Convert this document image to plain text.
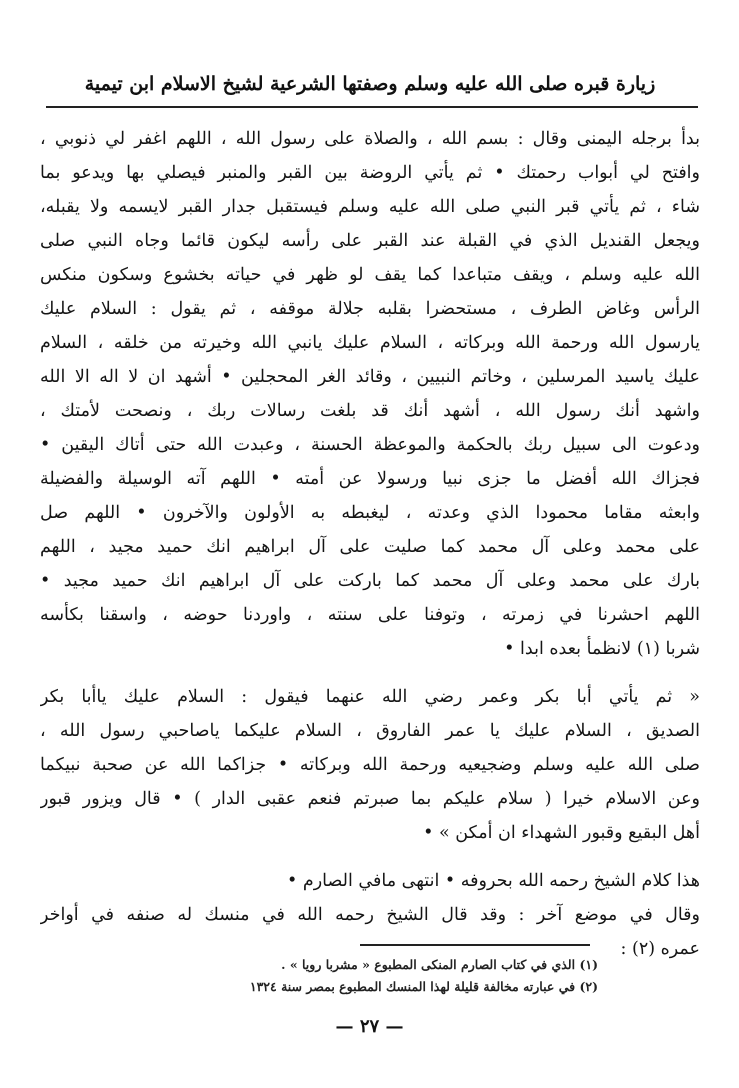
زيارة قبره صلى الله عليه وسلم وصفتها الشرعية لشيخ الاسلام ابن تيمية
بدأ برجله اليمنى وقال : بسم الله ، والصلاة على رسول الله ، اللهم اغفر لي ذنوبي ،
وافتح لي أبواب رحمتك • ثم يأتي الروضة بين القبر والمنبر فيصلي بها ويدعو بما
شاء ، ثم يأتي قبر النبي صلى الله عليه وسلم فيستقبل جدار القبر لايسمه ولا يقبله،
ويجعل القنديل الذي في القبلة عند القبر على رأسه ليكون قائما وجاه النبي صلى
الله عليه وسلم ، ويقف متباعدا كما يقف لو ظهر في حياته بخشوع وسكون منكس
الرأس وغاض الطرف ، مستحضرا بقلبه جلالة موقفه ، ثم يقول : السلام عليك
يارسول الله ورحمة الله وبركاته ، السلام عليك يانبي الله وخيرته من خلقه ، السلام
عليك ياسيد المرسلين ، وخاتم النبيين ، وقائد الغر المحجلين • أشهد ان لا اله الا الله
واشهد أنك رسول الله ، أشهد أنك قد بلغت رسالات ربك ، ونصحت لأمتك ،
ودعوت الى سبيل ربك بالحكمة والموعظة الحسنة ، وعبدت الله حتى أتاك اليقين •
فجزاك الله أفضل ما جزى نبيا ورسولا عن أمته • اللهم آته الوسيلة والفضيلة
وابعثه مقاما محمودا الذي وعدته ، ليغبطه به الأولون والآخرون • اللهم صل
على محمد وعلى آل محمد كما صليت على آل ابراهيم انك حميد مجيد ، اللهم
بارك على محمد وعلى آل محمد كما باركت على آل ابراهيم انك حميد مجيد •
اللهم احشرنا في زمرته ، وتوفنا على سنته ، واوردنا حوضه ، واسقنا بكأسه
شربا (١) لانظمأ بعده ابدا •
« ثم يأتي أبا بكر وعمر رضي الله عنهما فيقول : السلام عليك ياأبا بكر
الصديق ، السلام عليك يا عمر الفاروق ، السلام عليكما ياصاحبي رسول الله ،
صلى الله عليه وسلم وضجيعيه ورحمة الله وبركاته • جزاكما الله عن صحبة نبيكما
وعن الاسلام خيرا ( سلام عليكم بما صبرتم فنعم عقبى الدار ) • قال ويزور قبور
أهل البقيع وقبور الشهداء ان أمكن » •
هذا كلام الشيخ رحمه الله بحروفه • انتهى مافي الصارم •
وقال في موضع آخر : وقد قال الشيخ رحمه الله في منسك له صنفه في أواخر
عمره (٢) :
(١) الذي في كتاب الصارم المنكى المطبوع « مشربا رويا » .
(٢) في عبارته مخالفة قليلة لهذا المنسك المطبوع بمصر سنة ١٣٢٤
— ٢٧ —
